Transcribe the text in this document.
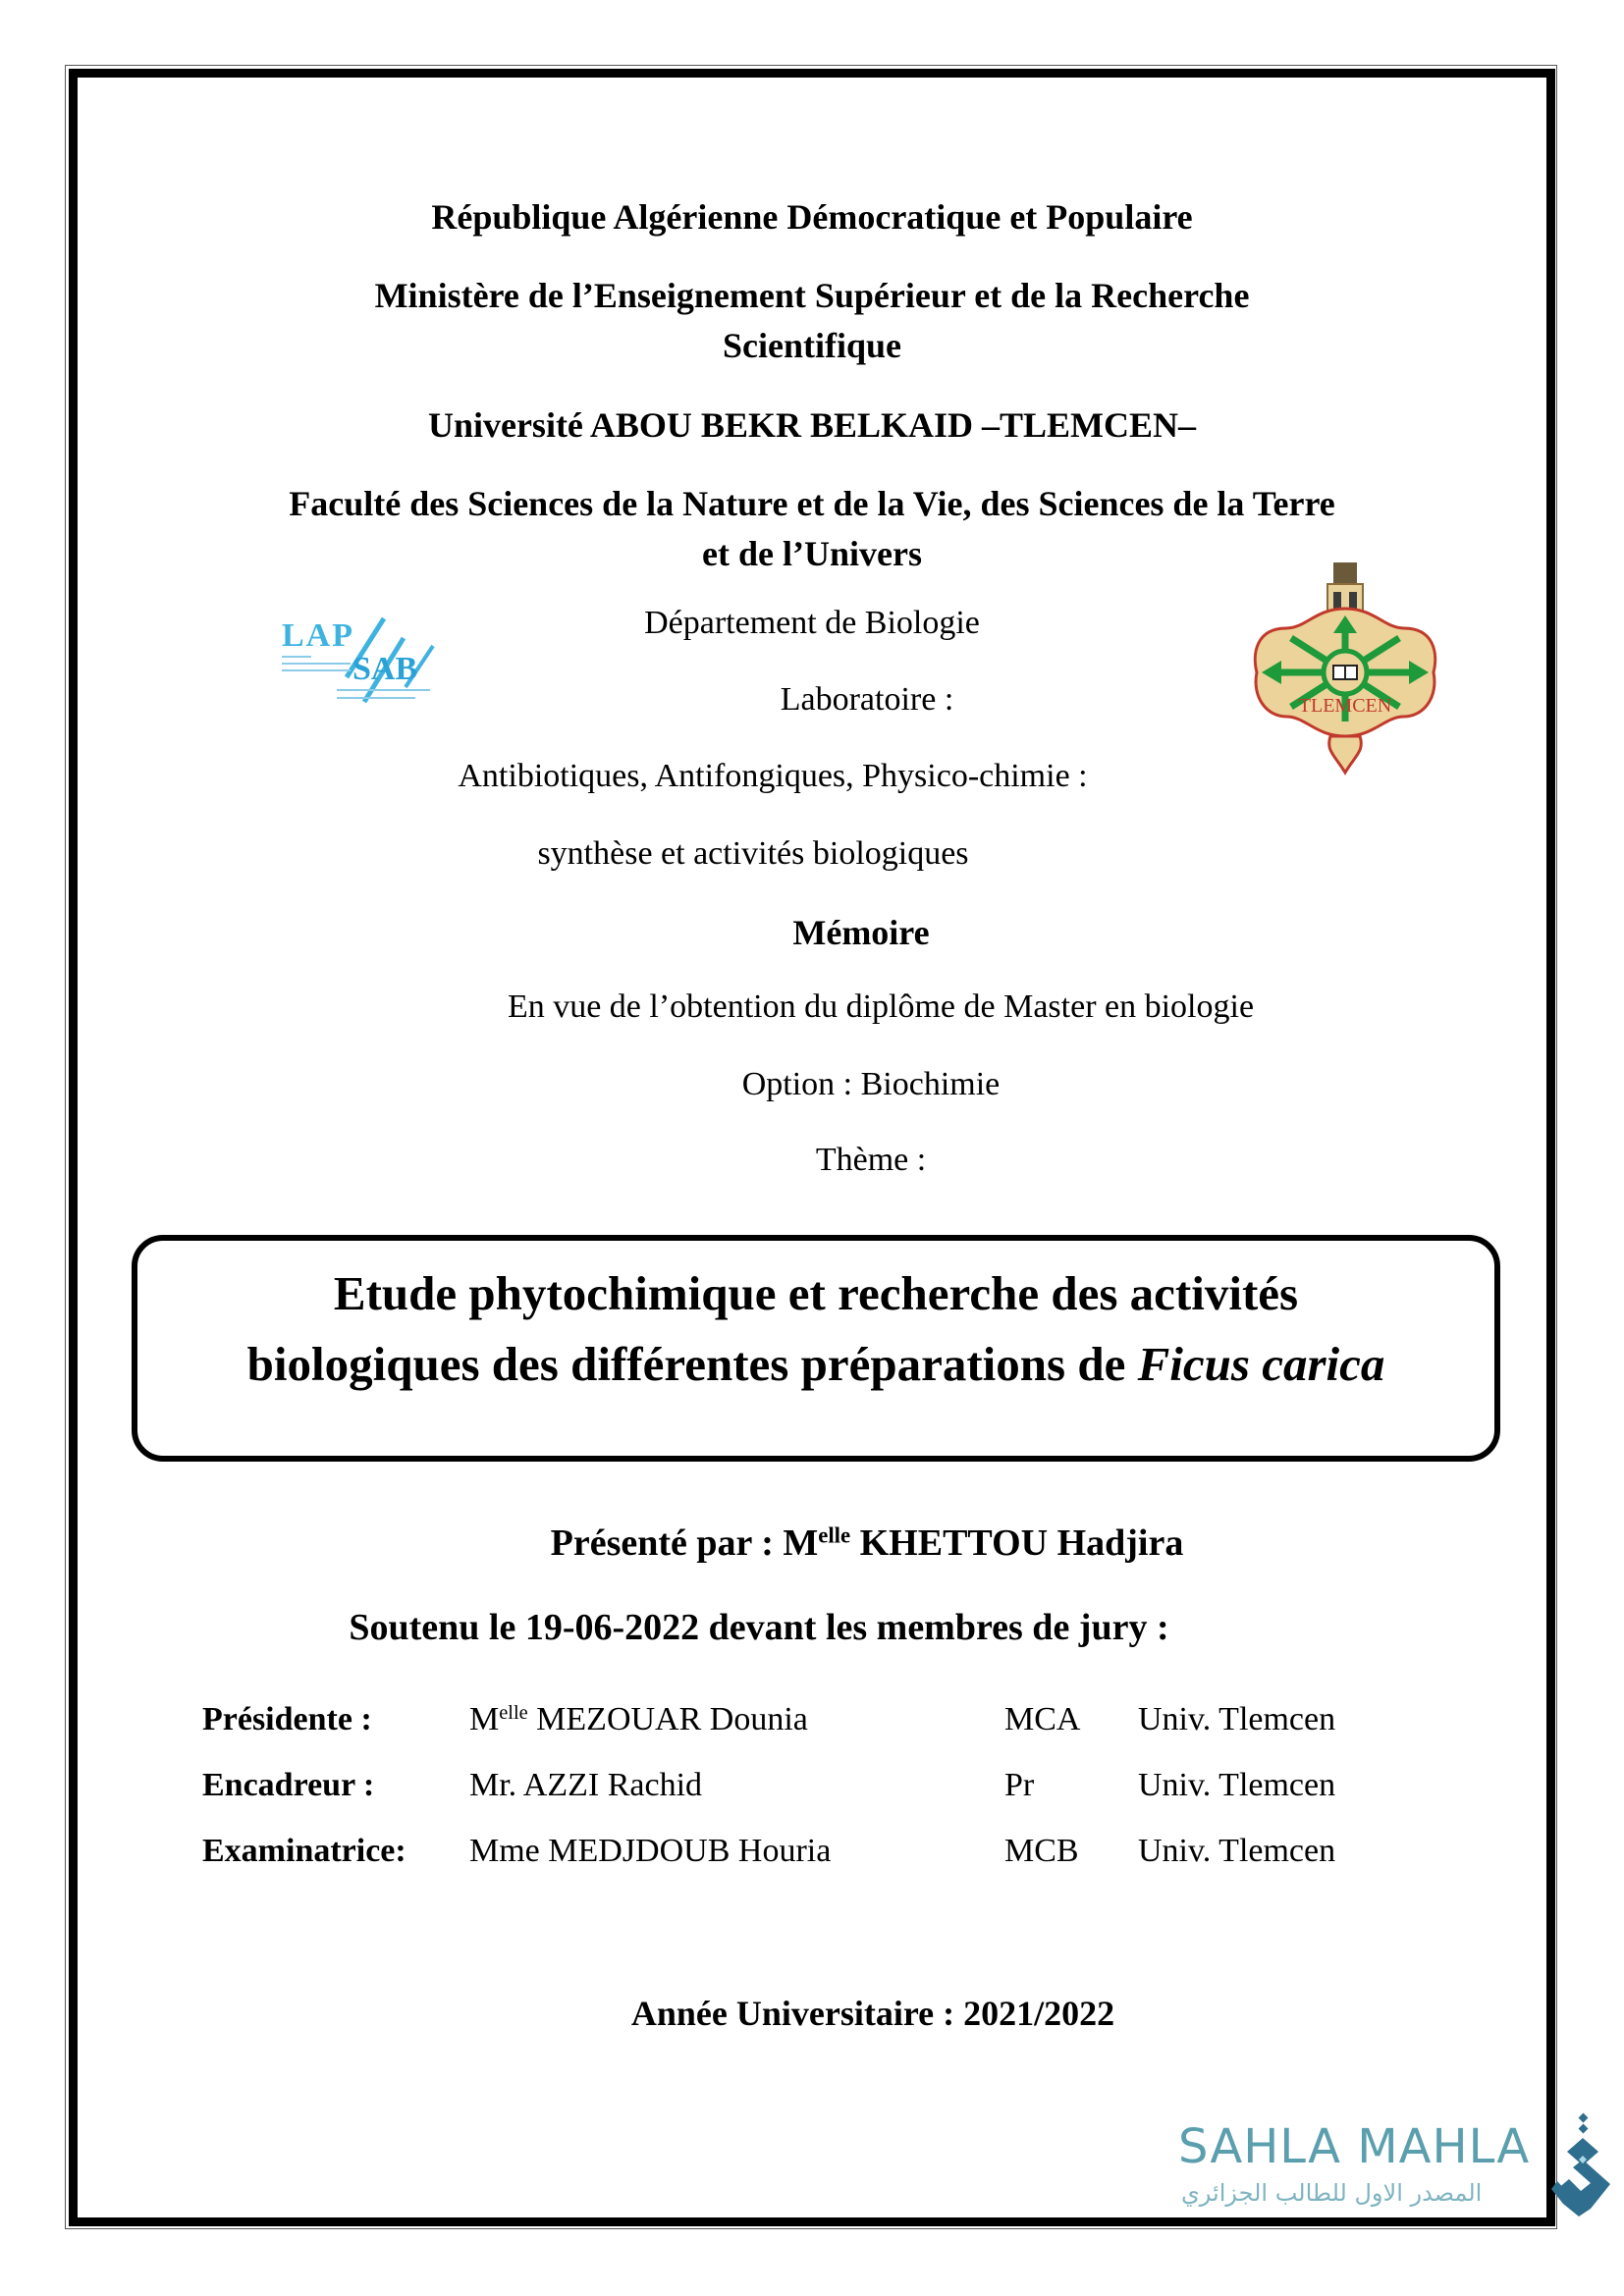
République Algérienne Démocratique et Populaire
Ministère de l’Enseignement Supérieur et de la Recherche
Scientifique
Université ABOU BEKR BELKAID –TLEMCEN–
Faculté des Sciences de la Nature et de la Vie, des Sciences de la Terre
et de l’Univers
LAP
SAB
TLEMCEN
Département de Biologie
Laboratoire :
Antibiotiques, Antifongiques, Physico-chimie :
synthèse et activités biologiques
Mémoire
En vue de l’obtention du diplôme de Master en biologie
Option : Biochimie
Thème :
Etude phytochimique et recherche des activités
biologiques des différentes préparations de Ficus carica
Présenté par : $M^{elle}$ KHETTOU Hadjira
Soutenu le 19-06-2022 devant les membres de jury :
Présidente :	$M^{elle}$ MEZOUAR Dounia	MCA Univ. Tlemcen
Encadreur :	Mr. AZZI Rachid	Pr	Univ. Tlemcen
Examinatrice: Mme MEDJDOUB Houria	MCB Univ. Tlemcen
Année Universitaire : 2021/2022
SAHLA MAHLA
المصدر الاول للطالب الجزائري
